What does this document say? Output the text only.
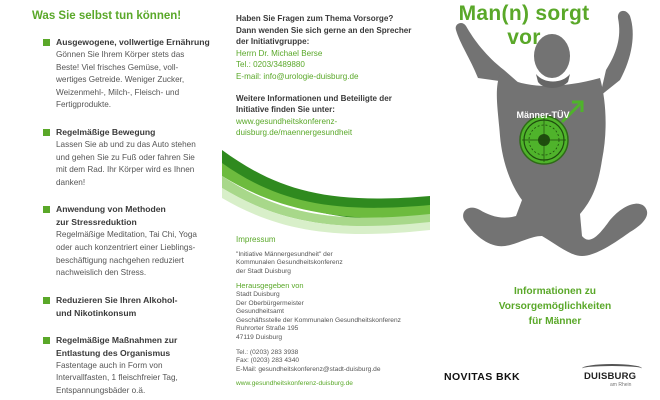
Was Sie selbst tun können!
Ausgewogene, vollwertige Ernährung
Gönnen Sie Ihrem Körper stets das
Beste! Viel frisches Gemüse, voll-
wertiges Getreide. Weniger Zucker,
Weizenmehl-, Milch-, Fleisch- und
Fertigprodukte.
Regelmäßige Bewegung
Lassen Sie ab und zu das Auto stehen
und gehen Sie zu Fuß oder fahren Sie
mit dem Rad. Ihr Körper wird es Ihnen
danken!
Anwendung von Methoden
zur Stressreduktion
Regelmäßige Meditation, Tai Chi, Yoga
oder auch konzentriert einer Lieblings-
beschäftigung nachgehen reduziert
nachweislich den Stress.
Reduzieren Sie Ihren Alkohol-
und Nikotinkonsum
Regelmäßige Maßnahmen zur
Entlastung des Organismus
Fastentage auch in Form von
Intervallfasten, 1 fleischfreier Tag,
Entspannungsbäder o.ä.
Haben Sie Fragen zum Thema Vorsorge?
Dann wenden Sie sich gerne an den Sprecher
der Initiativgruppe:
Herrn Dr. Michael Berse
Tel.: 0203/3489880
E-mail: info@urologie-duisburg.de
Weitere Informationen und Beteiligte der
Initiative finden Sie unter:
www.gesundheitskonferenz-
duisburg.de/maennergesundheit
Impressum
"Initiative Männergesundheit" der
Kommunalen Gesundheitskonferenz
der Stadt Duisburg
Herausgegeben von
Stadt Duisburg
Der Oberbürgermeister
Gesundheitsamt
Geschäftsstelle der Kommunalen Gesundheitskonferenz
Ruhrorter Straße 195
47119 Duisburg
Tel.: (0203) 283 3938
Fax: (0203) 283 4340
E-Mail: gesundheitskonferenz@stadt-duisburg.de
www.gesundheitskonferenz-duisburg.de
Man(n) sorgt vor
Männer-TÜV
Informationen zu
Vorsorgemöglichkeiten
für Männer
NOVITAS BKK	DUISBURG
am Rhein
